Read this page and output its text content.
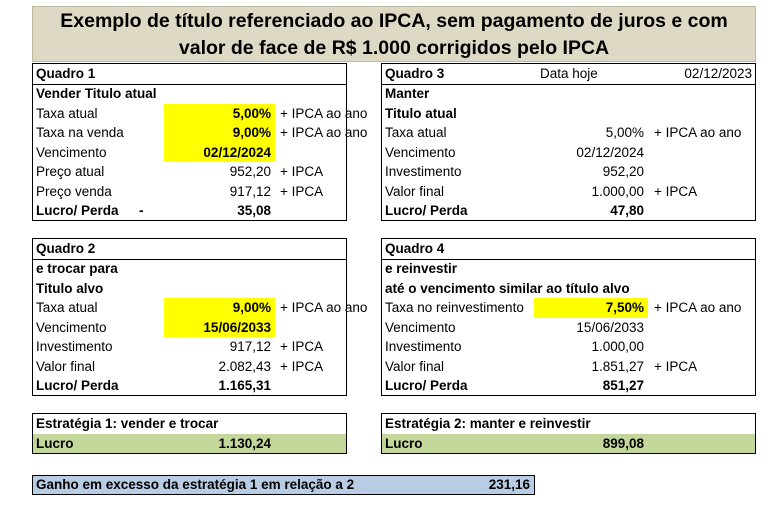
Exemplo de título referenciado ao IPCA, sem pagamento de juros e com
valor de face de R$ 1.000 corrigidos pelo IPCA
Quadro 1
Vender Titulo atual
Taxa atual	5,00% + IPCA ao ano
Taxa na venda	9,00% + IPCA ao ano
Vencimento	02/12/2024
Preço atual	952,20 + IPCA
Preço venda	917,12 + IPCA
Lucro/ Perda -	35,08
Quadro 2
e trocar para
Titulo alvo
Taxa atual	9,00% + IPCA ao ano
Vencimento	15/06/2033
Investimento	917,12 + IPCA
Valor final	2.082,43 + IPCA
Lucro/ Perda	1.165,31
Quadro 3	Data hoje	02/12/2023
Manter
Titulo atual
Taxa atual	5,00% + IPCA ao ano
Vencimento	02/12/2024
Investimento	952,20
Valor final	1.000,00 + IPCA
Lucro/ Perda	47,80
Quadro 4
e reinvestir
até o vencimento similar ao título alvo
Taxa no reinvestimento	7,50% + IPCA ao ano
Vencimento	15/06/2033
Investimento	1.000,00
Valor final	1.851,27 + IPCA
Lucro/ Perda	851,27
Estratégia 1: vender e trocar
Lucro	1.130,24
Estratégia 2: manter e reinvestir
Lucro	899,08
Ganho em excesso da estratégia 1 em relação a 2	231,16
